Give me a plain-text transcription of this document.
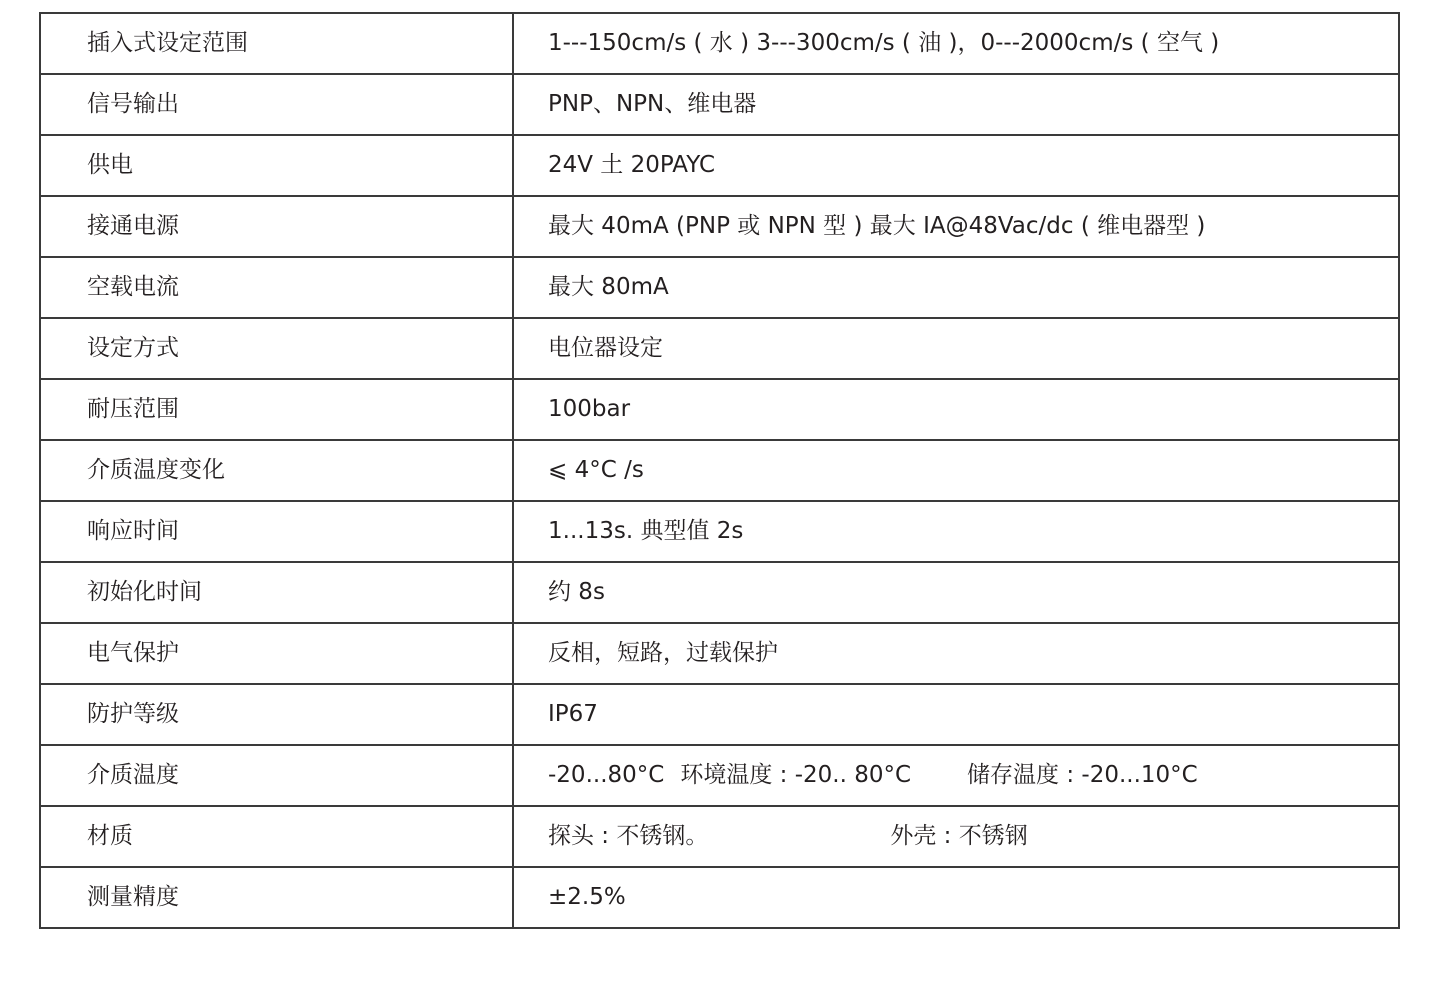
插入式设定范围	1---150cm/s ( 水 ) 3---300cm/s ( 油 )，0---2000cm/s ( 空气 )
信号输出	PNP、NPN、维电器
供电	24V 土 20PAYC
接通电源	最大 40mA (PNP 或 NPN 型 ) 最大 IA@48Vac/dc ( 维电器型 )
空载电流	最大 80mA
设定方式	电位器设定
耐压范围	100bar
介质温度变化	⩽ 4°C /s
响应时间	1...13s. 典型值 2s
初始化时间	约 8s
电气保护	反相，短路，过载保护
防护等级	IP67
介质温度	-20...80°C 环境温度 : -20.. 80°C 储存温度 : -20...10°C
材质	探头 : 不锈钢。 外壳 : 不锈钢
测量精度	±2.5%
